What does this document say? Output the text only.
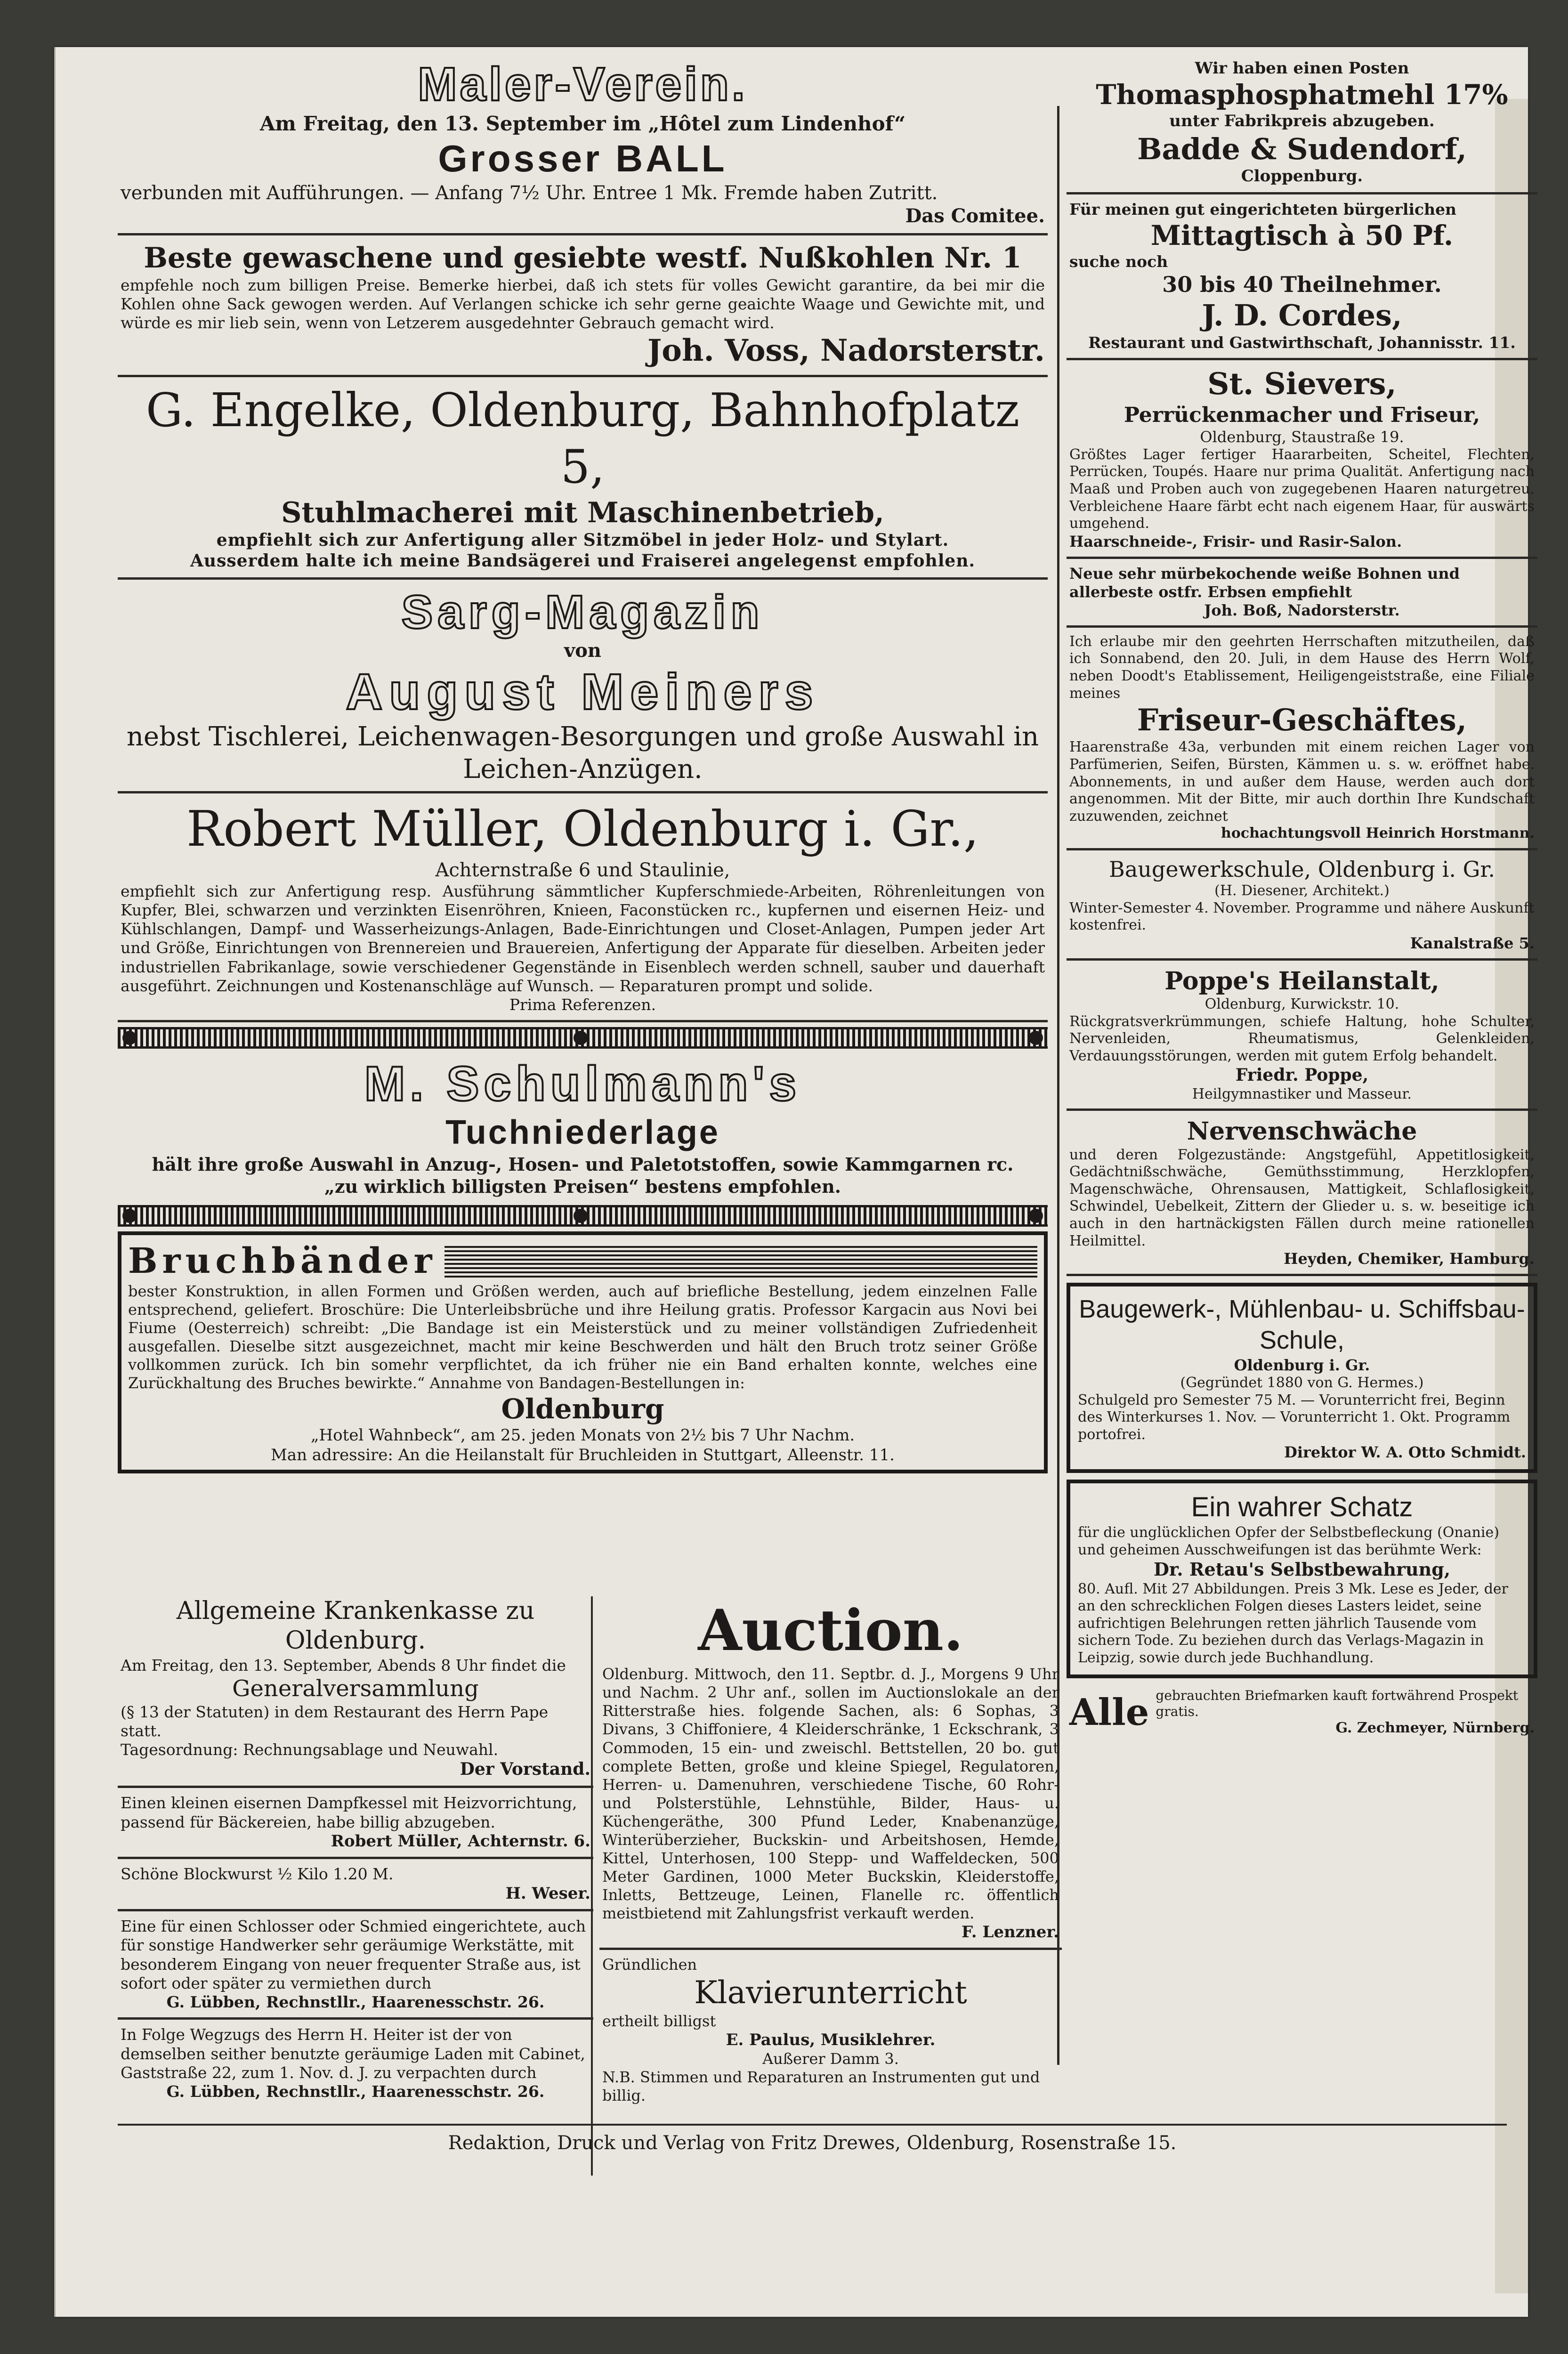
Maler-Verein.

Am Freitag, den 13. September im „Hôtel zum Lindenhof“

Grosser BALL

verbunden mit Aufführungen. — Anfang 7½ Uhr. Entree 1 Mk. Fremde haben Zutritt.

Das Comitee.

Beste gewaschene und gesiebte westf. Nußkohlen Nr. 1

empfehle noch zum billigen Preise. Bemerke hierbei, daß ich stets für volles Gewicht garantire, da bei mir die Kohlen ohne Sack gewogen werden. Auf Verlangen schicke ich sehr gerne geaichte Waage und Gewichte mit, und würde es mir lieb sein, wenn von Letzerem ausgedehnter Gebrauch gemacht wird.

Joh. Voss, Nadorsterstr.

G. Engelke, Oldenburg, Bahnhofplatz 5,

Stuhlmacherei mit Maschinenbetrieb,

empfiehlt sich zur Anfertigung aller Sitzmöbel in jeder Holz- und Stylart.

Ausserdem halte ich meine Bandsägerei und Fraiserei angelegenst empfohlen.

Sarg-Magazin

von

August Meiners

nebst Tischlerei, Leichenwagen-Besorgungen und große Auswahl in Leichen-Anzügen.

Robert Müller, Oldenburg i. Gr.,

Achternstraße 6 und Staulinie,

empfiehlt sich zur Anfertigung resp. Ausführung sämmtlicher Kupferschmiede-Arbeiten, Röhrenleitungen von Kupfer, Blei, schwarzen und verzinkten Eisenröhren, Knieen, Faconstücken rc., kupfernen und eisernen Heiz- und Kühlschlangen, Dampf- und Wasserheizungs-Anlagen, Bade-Einrichtungen und Closet-Anlagen, Pumpen jeder Art und Größe, Einrichtungen von Brennereien und Brauereien, Anfertigung der Apparate für dieselben. Arbeiten jeder industriellen Fabrikanlage, sowie verschiedener Gegenstände in Eisenblech werden schnell, sauber und dauerhaft ausgeführt. Zeichnungen und Kostenanschläge auf Wunsch. — Reparaturen prompt und solide.

Prima Referenzen.

M. Schulmann's

Tuchniederlage

hält ihre große Auswahl in Anzug-, Hosen- und Paletotstoffen, sowie Kammgarnen rc.

„zu wirklich billigsten Preisen“ bestens empfohlen.

Bruchbänder

bester Konstruktion, in allen Formen und Größen werden, auch auf briefliche Bestellung, jedem einzelnen Falle entsprechend, geliefert. Broschüre: Die Unterleibsbrüche und ihre Heilung gratis. Professor Kargacin aus Novi bei Fiume (Oesterreich) schreibt: „Die Bandage ist ein Meisterstück und zu meiner vollständigen Zufriedenheit ausgefallen. Dieselbe sitzt ausgezeichnet, macht mir keine Beschwerden und hält den Bruch trotz seiner Größe vollkommen zurück. Ich bin somehr verpflichtet, da ich früher nie ein Band erhalten konnte, welches eine Zurückhaltung des Bruches bewirkte.“ Annahme von Bandagen-Bestellungen in:

Oldenburg

„Hotel Wahnbeck“, am 25. jeden Monats von 2½ bis 7 Uhr Nachm.

Man adressire: An die Heilanstalt für Bruchleiden in Stuttgart, Alleenstr. 11.

Allgemeine Krankenkasse zu Oldenburg.

Am Freitag, den 13. September, Abends 8 Uhr findet die

Generalversammlung

(§ 13 der Statuten) in dem Restaurant des Herrn Pape statt.

Tagesordnung: Rechnungsablage und Neuwahl.

Der Vorstand.

Einen kleinen eisernen Dampfkessel mit Heizvorrichtung, passend für Bäckereien, habe billig abzugeben.

Robert Müller, Achternstr. 6.

Schöne Blockwurst ½ Kilo 1.20 M.

H. Weser.

Eine für einen Schlosser oder Schmied eingerichtete, auch für sonstige Handwerker sehr geräumige Werkstätte, mit besonderem Eingang von neuer frequenter Straße aus, ist sofort oder später zu vermiethen durch

G. Lübben, Rechnstllr., Haarenesschstr. 26.

In Folge Wegzugs des Herrn H. Heiter ist der von demselben seither benutzte geräumige Laden mit Cabinet, Gaststraße 22, zum 1. Nov. d. J. zu verpachten durch

G. Lübben, Rechnstllr., Haarenesschstr. 26.

Auction.

Oldenburg. Mittwoch, den 11. Septbr. d. J., Morgens 9 Uhr und Nachm. 2 Uhr anf., sollen im Auctionslokale an der Ritterstraße hies. folgende Sachen, als: 6 Sophas, 3 Divans, 3 Chiffoniere, 4 Kleiderschränke, 1 Eckschrank, 3 Commoden, 15 ein- und zweischl. Bettstellen, 20 bo. gut complete Betten, große und kleine Spiegel, Regulatoren, Herren- u. Damenuhren, verschiedene Tische, 60 Rohr- und Polsterstühle, Lehnstühle, Bilder, Haus- u. Küchengeräthe, 300 Pfund Leder, Knabenanzüge, Winterüberzieher, Buckskin- und Arbeitshosen, Hemde, Kittel, Unterhosen, 100 Stepp- und Waffeldecken, 500 Meter Gardinen, 1000 Meter Buckskin, Kleiderstoffe, Inletts, Bettzeuge, Leinen, Flanelle rc. öffentlich meistbietend mit Zahlungsfrist verkauft werden.

F. Lenzner.

Gründlichen

Klavierunterricht

ertheilt billigst

E. Paulus, Musiklehrer.

Außerer Damm 3.

N.B. Stimmen und Reparaturen an Instrumenten gut und billig.

Wir haben einen Posten

Thomasphosphatmehl 17%

unter Fabrikpreis abzugeben.

Badde & Sudendorf,

Cloppenburg.

Für meinen gut eingerichteten bürgerlichen

Mittagtisch à 50 Pf.

suche noch

30 bis 40 Theilnehmer.

J. D. Cordes,

Restaurant und Gastwirthschaft, Johannisstr. 11.

St. Sievers,

Perrückenmacher und Friseur,

Oldenburg, Staustraße 19.

Größtes Lager fertiger Haararbeiten, Scheitel, Flechten, Perrücken, Toupés. Haare nur prima Qualität. Anfertigung nach Maaß und Proben auch von zugegebenen Haaren naturgetreu. Verbleichene Haare färbt echt nach eigenem Haar, für auswärts umgehend.

Haarschneide-, Frisir- und Rasir-Salon.

Neue sehr mürbekochende weiße Bohnen und allerbeste ostfr. Erbsen empfiehlt

Joh. Boß, Nadorsterstr.

Ich erlaube mir den geehrten Herrschaften mitzutheilen, daß ich Sonnabend, den 20. Juli, in dem Hause des Herrn Wolf, neben Doodt's Etablissement, Heiligengeiststraße, eine Filiale meines

Friseur-Geschäftes,

Haarenstraße 43a, verbunden mit einem reichen Lager von Parfümerien, Seifen, Bürsten, Kämmen u. s. w. eröffnet habe. Abonnements, in und außer dem Hause, werden auch dort angenommen. Mit der Bitte, mir auch dorthin Ihre Kundschaft zuzuwenden, zeichnet

hochachtungsvoll Heinrich Horstmann.

Baugewerkschule, Oldenburg i. Gr.

(H. Diesener, Architekt.)

Winter-Semester 4. November. Programme und nähere Auskunft kostenfrei.

Kanalstraße 5.

Poppe's Heilanstalt,

Oldenburg, Kurwickstr. 10.

Rückgratsverkrümmungen, schiefe Haltung, hohe Schulter, Nervenleiden, Rheumatismus, Gelenkleiden, Verdauungsstörungen, werden mit gutem Erfolg behandelt.

Friedr. Poppe,

Heilgymnastiker und Masseur.

Nervenschwäche

und deren Folgezustände: Angstgefühl, Appetitlosigkeit, Gedächtnißschwäche, Gemüthsstimmung, Herzklopfen, Magenschwäche, Ohrensausen, Mattigkeit, Schlaflosigkeit, Schwindel, Uebelkeit, Zittern der Glieder u. s. w. beseitige ich auch in den hartnäckigsten Fällen durch meine rationellen Heilmittel.

Heyden, Chemiker, Hamburg.

Baugewerk-, Mühlenbau- u. Schiffsbau-Schule,

Oldenburg i. Gr.

(Gegründet 1880 von G. Hermes.)

Schulgeld pro Semester 75 M. — Vorunterricht frei, Beginn des Winterkurses 1. Nov. — Vorunterricht 1. Okt. Programm portofrei.

Direktor W. A. Otto Schmidt.

Ein wahrer Schatz

für die unglücklichen Opfer der Selbstbefleckung (Onanie) und geheimen Ausschweifungen ist das berühmte Werk:

Dr. Retau's Selbstbewahrung,

80. Aufl. Mit 27 Abbildungen. Preis 3 Mk. Lese es Jeder, der an den schrecklichen Folgen dieses Lasters leidet, seine aufrichtigen Belehrungen retten jährlich Tausende vom sichern Tode. Zu beziehen durch das Verlags-Magazin in Leipzig, sowie durch jede Buchhandlung.

Alle gebrauchten Briefmarken kauft fortwährend Prospekt gratis.

G. Zechmeyer, Nürnberg.

Redaktion, Druck und Verlag von Fritz Drewes, Oldenburg, Rosenstraße 15.
